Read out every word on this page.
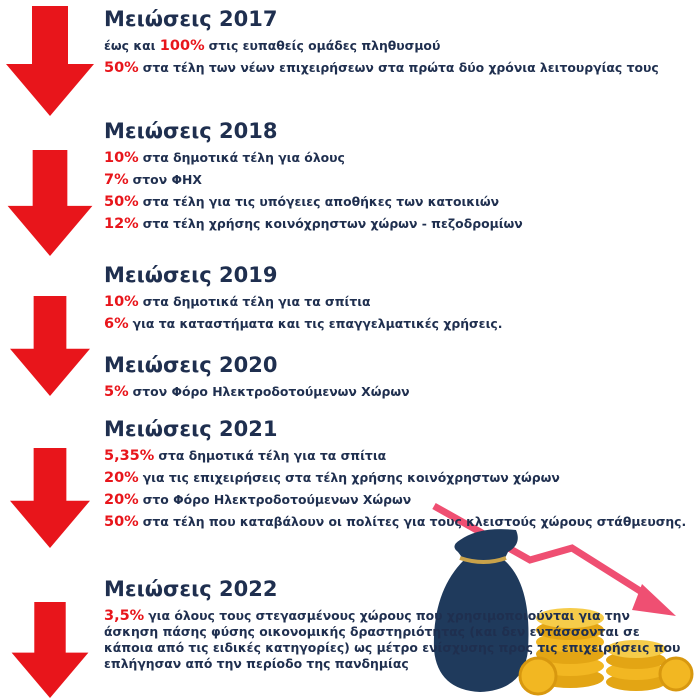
Μειώσεις 2017
έως και 100% στις ευπαθείς ομάδες πληθυσμού
50% στα τέλη των νέων επιχειρήσεων στα πρώτα δύο χρόνια λειτουργίας τους
Μειώσεις 2018
10% στα δημοτικά τέλη για όλους
7% στον ΦΗΧ
50% στα τέλη για τις υπόγειες αποθήκες των κατοικιών
12% στα τέλη χρήσης κοινόχρηστων χώρων - πεζοδρομίων
Μειώσεις 2019
10% στα δημοτικά τέλη για τα σπίτια
6% για τα καταστήματα και τις επαγγελματικές χρήσεις.
Μειώσεις 2020
5% στον Φόρο Ηλεκτροδοτούμενων Χώρων
Μειώσεις 2021
5,35% στα δημοτικά τέλη για τα σπίτια
20% για τις επιχειρήσεις στα τέλη χρήσης κοινόχρηστων χώρων
20% στο Φόρο Ηλεκτροδοτούμενων Χώρων
50% στα τέλη που καταβάλουν οι πολίτες για τους κλειστούς χώρους στάθμευσης.
Μειώσεις 2022
3,5% για όλους τους στεγασμένους χώρους που χρησιμοποιούνται για την άσκηση πάσης φύσης οικονομικής δραστηριότητας (και δεν εντάσσονται σε κάποια από τις ειδικές κατηγορίες) ως μέτρο ενίσχυσης προς τις επιχειρήσεις που επλήγησαν από την περίοδο της πανδημίας
